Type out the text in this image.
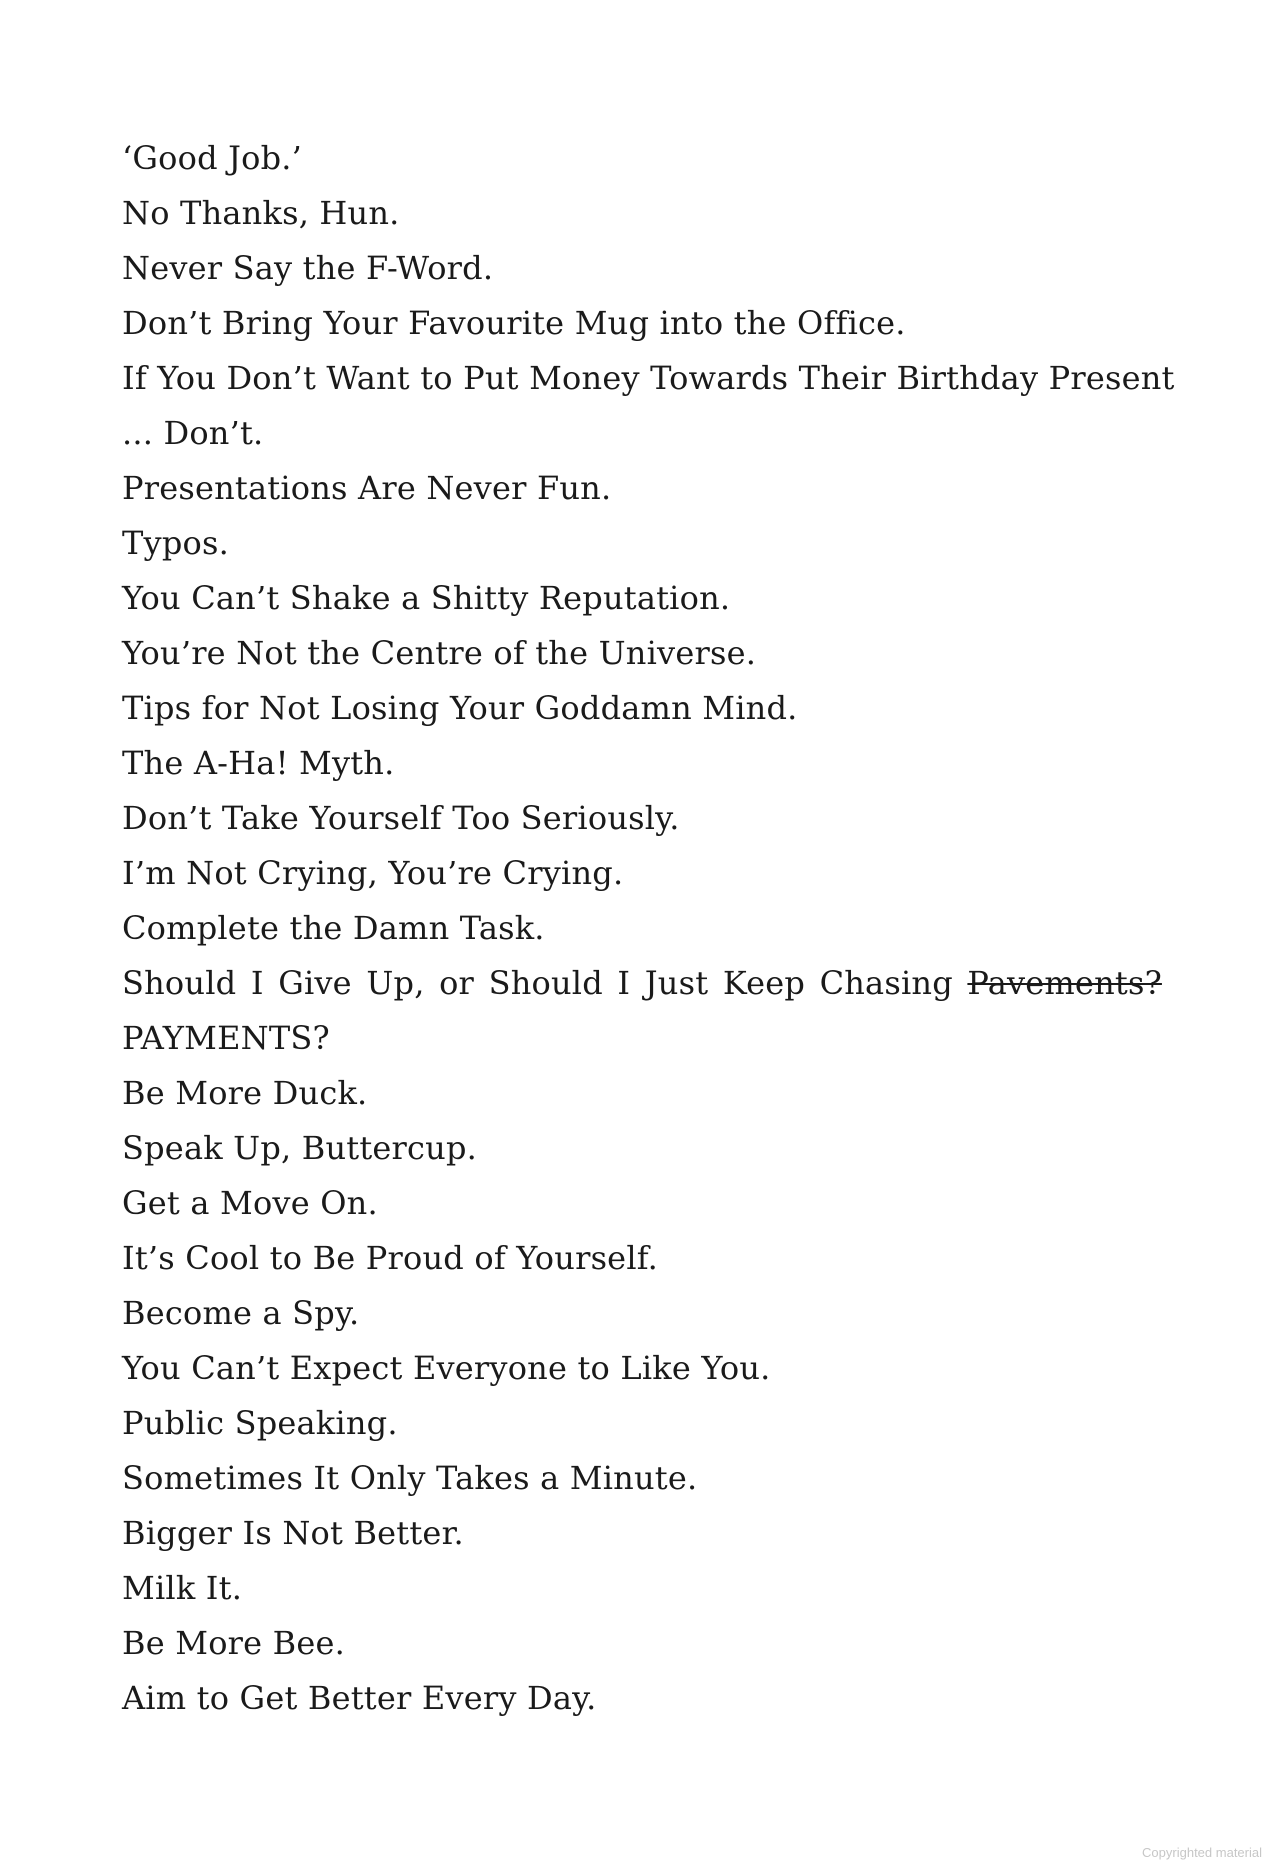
‘Good Job.’
No Thanks, Hun.
Never Say the F-Word.
Don’t Bring Your Favourite Mug into the Office.
If You Don’t Want to Put Money Towards Their Birthday Present
... Don’t.
Presentations Are Never Fun.
Typos.
You Can’t Shake a Shitty Reputation.
You’re Not the Centre of the Universe.
Tips for Not Losing Your Goddamn Mind.
The A-Ha! Myth.
Don’t Take Yourself Too Seriously.
I’m Not Crying, You’re Crying.
Complete the Damn Task.
Should I Give Up, or Should I Just Keep Chasing Pavements?
PAYMENTS?
Be More Duck.
Speak Up, Buttercup.
Get a Move On.
It’s Cool to Be Proud of Yourself.
Become a Spy.
You Can’t Expect Everyone to Like You.
Public Speaking.
Sometimes It Only Takes a Minute.
Bigger Is Not Better.
Milk It.
Be More Bee.
Aim to Get Better Every Day.
Copyrighted material
